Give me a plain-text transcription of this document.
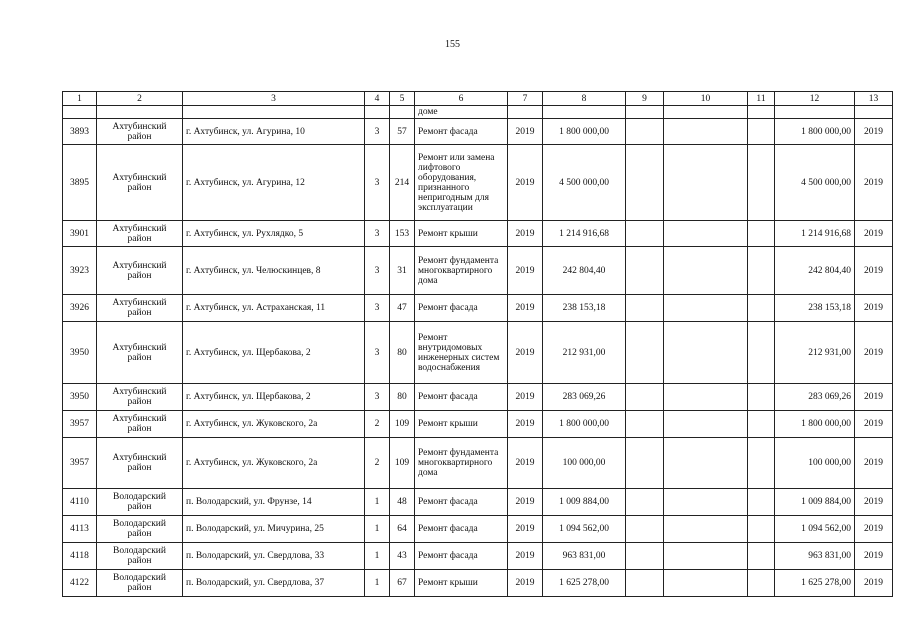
155
1	2	3	4	5	6	7	8	9	10	11	12	13
					доме							
3893	Ахтубинский район	г. Ахтубинск, ул. Агурина, 10	3	57	Ремонт фасада	2019	1 800 000,00				1 800 000,00	2019
3895	Ахтубинский район	г. Ахтубинск, ул. Агурина, 12	3	214	Ремонт или замена лифтового оборудования, признанного непригодным для эксплуатации	2019	4 500 000,00				4 500 000,00	2019
3901	Ахтубинский район	г. Ахтубинск, ул. Рухлядко, 5	3	153	Ремонт крыши	2019	1 214 916,68				1 214 916,68	2019
3923	Ахтубинский район	г. Ахтубинск, ул. Челюскинцев, 8	3	31	Ремонт фундамента многоквартирного дома	2019	242 804,40				242 804,40	2019
3926	Ахтубинский район	г. Ахтубинск, ул. Астраханская, 11	3	47	Ремонт фасада	2019	238 153,18				238 153,18	2019
3950	Ахтубинский район	г. Ахтубинск, ул. Щербакова, 2	3	80	Ремонт внутридомовых инженерных систем водоснабжения	2019	212 931,00				212 931,00	2019
3950	Ахтубинский район	г. Ахтубинск, ул. Щербакова, 2	3	80	Ремонт фасада	2019	283 069,26				283 069,26	2019
3957	Ахтубинский район	г. Ахтубинск, ул. Жуковского, 2а	2	109	Ремонт крыши	2019	1 800 000,00				1 800 000,00	2019
3957	Ахтубинский район	г. Ахтубинск, ул. Жуковского, 2а	2	109	Ремонт фундамента многоквартирного дома	2019	100 000,00				100 000,00	2019
4110	Володарский район	п. Володарский, ул. Фрунзе, 14	1	48	Ремонт фасада	2019	1 009 884,00				1 009 884,00	2019
4113	Володарский район	п. Володарский, ул. Мичурина, 25	1	64	Ремонт фасада	2019	1 094 562,00				1 094 562,00	2019
4118	Володарский район	п. Володарский, ул. Свердлова, 33	1	43	Ремонт фасада	2019	963 831,00				963 831,00	2019
4122	Володарский район	п. Володарский, ул. Свердлова, 37	1	67	Ремонт крыши	2019	1 625 278,00				1 625 278,00	2019
